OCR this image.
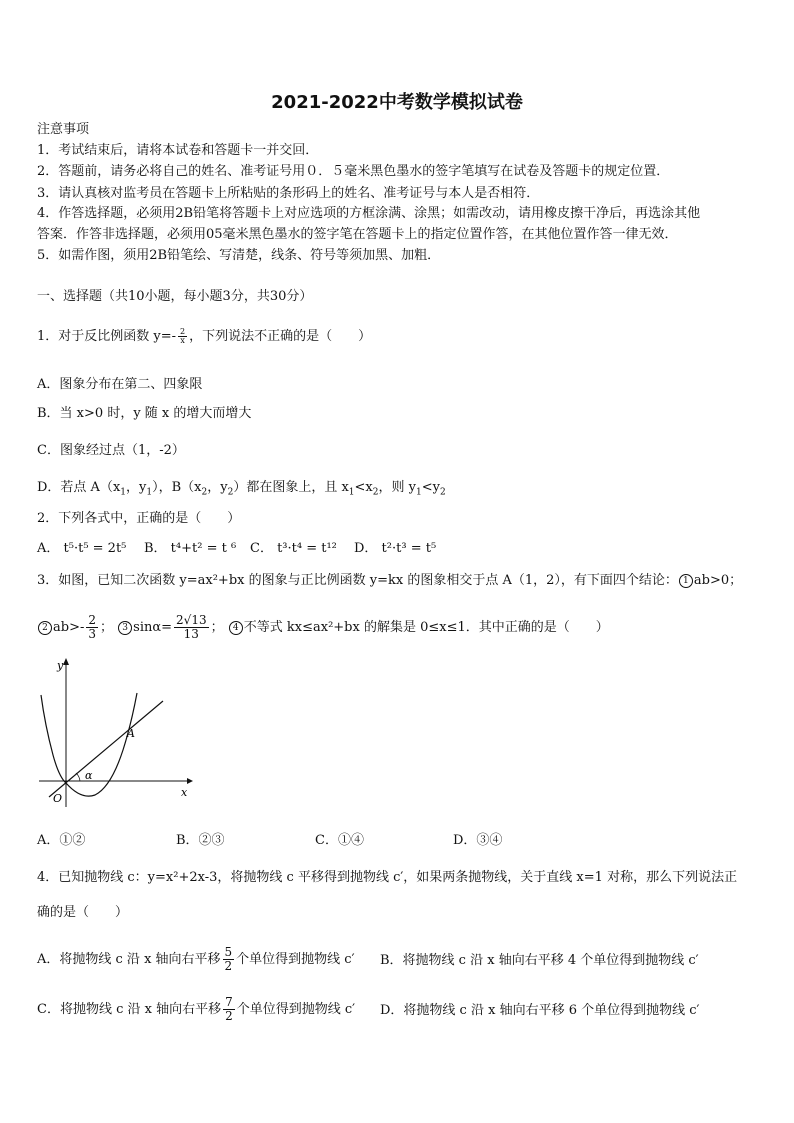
2021-2022中考数学模拟试卷
注意事项
1．考试结束后，请将本试卷和答题卡一并交回．
2．答题前，请务必将自己的姓名、准考证号用０．５毫米黑色墨水的签字笔填写在试卷及答题卡的规定位置．
3．请认真核对监考员在答题卡上所粘贴的条形码上的姓名、准考证号与本人是否相符．
4．作答选择题，必须用2B铅笔将答题卡上对应选项的方框涂满、涂黑；如需改动，请用橡皮擦干净后，再选涂其他
答案．作答非选择题，必须用05毫米黑色墨水的签字笔在答题卡上的指定位置作答，在其他位置作答一律无效．
5．如需作图，须用2B铅笔绘、写清楚，线条、符号等须加黑、加粗．
一、选择题（共10小题，每小题3分，共30分）
1．对于反比例函数 $y=- \frac{2}{x}$ ，下列说法不正确的是（　　）
A．图象分布在第二、四象限
B．当 x>0 时，y 随 x 的增大而增大
C．图象经过点（1，-2）
D．若点 $A(x_1$，$y_1$），$B(x_2$，$y_2$）都在图象上，且 $x_1<x_2$，则 $y_1<y_2$
2．下列各式中，正确的是（　　）
A． t⁵·t⁵ = 2t⁵ B． t⁴+t² = t ⁶ C． t³·t⁴ = t¹² D． t²·t³ = t⁵
3．如图，已知二次函数 y=ax²+bx 的图象与正比例函数 y=kx 的图象相交于点 A（1，2），有下面四个结论： 1 ab>0；
2 $ab>- \frac{2}{3}$ ； 3 $\sin\alpha= \frac{2√13}{13}$ ； 4 不等式 kx≤ax²+bx 的解集是 0≤x≤1．其中正确的是（　　）
y
x
O
A
α
A．①②	B．②③	C．①④	D．③④
4．已知抛物线 c：y=x²+2x-3，将抛物线 c 平移得到抛物线 c′，如果两条抛物线，关于直线 x=1 对称，那么下列说法正
确的是（　　）
A．将抛物线 c 沿 x 轴向右平移 $\frac{5}{2}$ 个单位得到抛物线 c′ B．将抛物线 c 沿 x 轴向右平移 4 个单位得到抛物线 c′
C．将抛物线 c 沿 x 轴向右平移 $\frac{7}{2}$ 个单位得到抛物线 c′ D．将抛物线 c 沿 x 轴向右平移 6 个单位得到抛物线 c′
